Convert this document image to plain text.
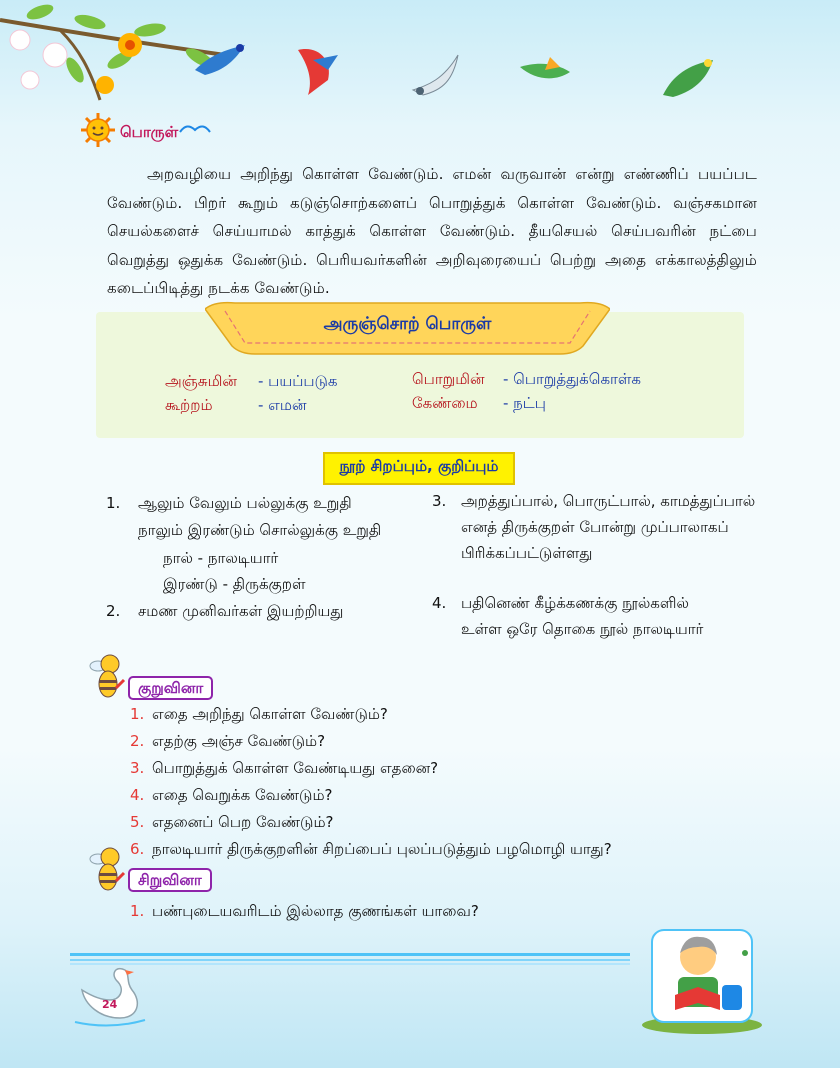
பொருள்
அறவழியை அறிந்து கொள்ள வேண்டும். எமன் வருவான் என்று எண்ணிப் பயப்பட வேண்டும். பிறர் கூறும் கடுஞ்சொற்களைப் பொறுத்துக் கொள்ள வேண்டும். வஞ்சகமான செயல்களைச் செய்யாமல் காத்துக் கொள்ள வேண்டும். தீயசெயல் செய்பவரின் நட்பை வெறுத்து ஒதுக்க வேண்டும். பெரியவர்களின் அறிவுரையைப் பெற்று அதை எக்காலத்திலும் கடைப்பிடித்து நடக்க வேண்டும்.
அருஞ்சொற் பொருள்
அஞ்சுமின் - பயப்படுக
கூற்றம்	- எமன்
பொறுமின் - பொறுத்துக்கொள்க
கேண்மை - நட்பு
நூற் சிறப்பும், குறிப்பும்
1. ஆலும் வேலும் பல்லுக்கு உறுதி
நாலும் இரண்டும் சொல்லுக்கு உறுதி
நால் - நாலடியார்
இரண்டு - திருக்குறள்
2. சமண முனிவர்கள் இயற்றியது
3. அறத்துப்பால், பொருட்பால், காமத்துப்பால்
எனத் திருக்குறள் போன்று முப்பாலாகப்
பிரிக்கப்பட்டுள்ளது
4. பதினெண் கீழ்க்கணக்கு நூல்களில்
உள்ள ஒரே தொகை நூல் நாலடியார்
குறுவினா
1. எதை அறிந்து கொள்ள வேண்டும்?
2. எதற்கு அஞ்ச வேண்டும்?
3. பொறுத்துக் கொள்ள வேண்டியது எதனை?
4. எதை வெறுக்க வேண்டும்?
5. எதனைப் பெற வேண்டும்?
6. நாலடியார் திருக்குறளின் சிறப்பைப் புலப்படுத்தும் பழமொழி யாது?
சிறுவினா
1. பண்புடையவரிடம் இல்லாத குணங்கள் யாவை?
24
